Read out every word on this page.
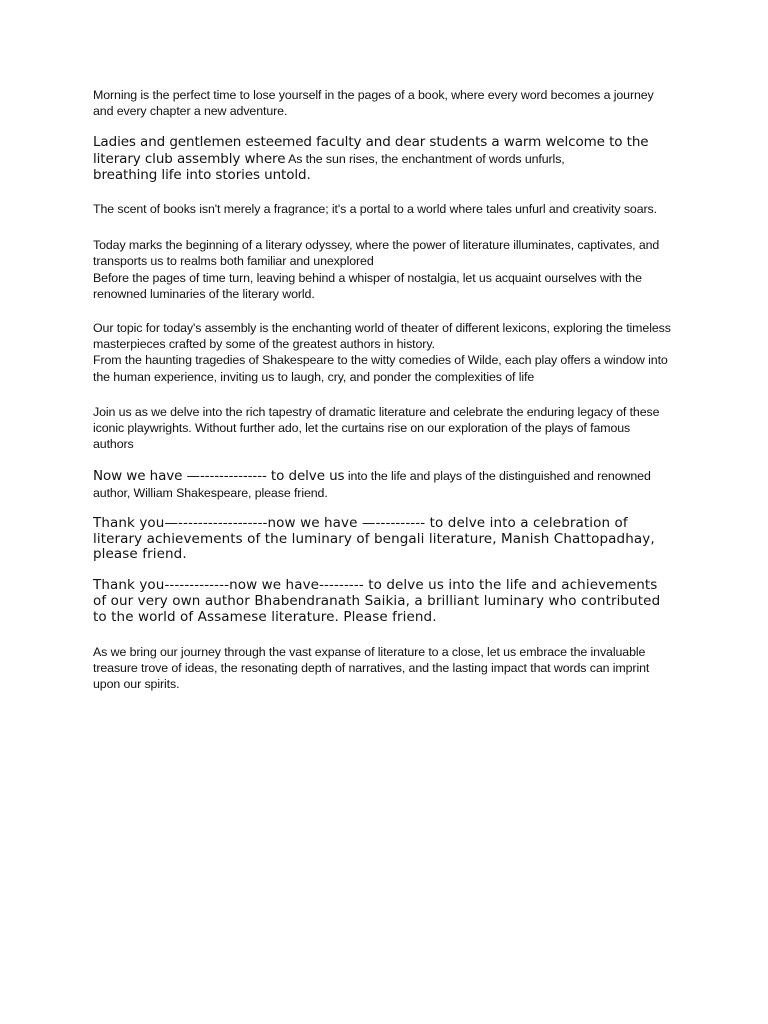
Morning is the perfect time to lose yourself in the pages of a book, where every word becomes a journey and every chapter a new adventure.

Ladies and gentlemen esteemed faculty and dear students a warm welcome to the literary club assembly where As the sun rises, the enchantment of words unfurls,
breathing life into stories untold.

The scent of books isn't merely a fragrance; it's a portal to a world where tales unfurl and creativity soars.

Today marks the beginning of a literary odyssey, where the power of literature illuminates, captivates, and transports us to realms both familiar and unexplored

Before the pages of time turn, leaving behind a whisper of nostalgia, let us acquaint ourselves with the renowned luminaries of the literary world.

Our topic for today's assembly is the enchanting world of theater of different lexicons, exploring the timeless masterpieces crafted by some of the greatest authors in history.

From the haunting tragedies of Shakespeare to the witty comedies of Wilde, each play offers a window into the human experience, inviting us to laugh, cry, and ponder the complexities of life

Join us as we delve into the rich tapestry of dramatic literature and celebrate the enduring legacy of these iconic playwrights. Without further ado, let the curtains rise on our exploration of the plays of famous authors

Now we have —-------------- to delve us into the life and plays of the distinguished and renowned author, William Shakespeare, please friend.

Thank you—------------------now we have —---------- to delve into a celebration of literary achievements of the luminary of bengali literature, Manish Chattopadhay, please friend.

Thank you-------------now we have--------- to delve us into the life and achievements of our very own author Bhabendranath Saikia, a brilliant luminary who contributed to the world of Assamese literature. Please friend.

As we bring our journey through the vast expanse of literature to a close, let us embrace the invaluable treasure trove of ideas, the resonating depth of narratives, and the lasting impact that words can imprint upon our spirits.
